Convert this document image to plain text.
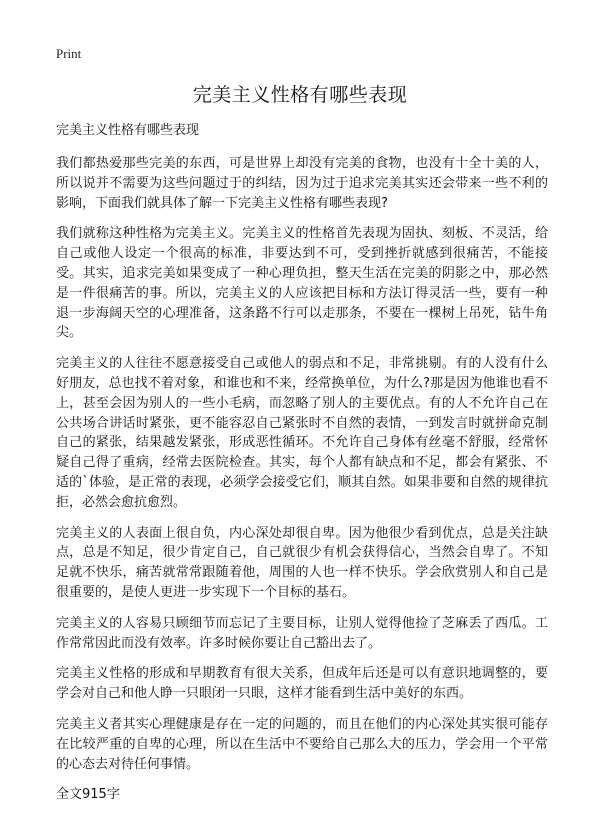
Print
完美主义性格有哪些表现

完美主义性格有哪些表现

我们都热爱那些完美的东西，可是世界上却没有完美的食物，也没有十全十美的人，所以说并不需要为这些问题过于的纠结，因为过于追求完美其实还会带来一些不利的影响，下面我们就具体了解一下完美主义性格有哪些表现?

我们就称这种性格为完美主义。完美主义的性格首先表现为固执、刻板、不灵活，给自己或他人设定一个很高的标准，非要达到不可，受到挫折就感到很痛苦，不能接受。其实，追求完美如果变成了一种心理负担，整天生活在完美的阴影之中，那必然是一件很痛苦的事。所以，完美主义的人应该把目标和方法订得灵活一些，要有一种退一步海阔天空的心理准备，这条路不行可以走那条，不要在一棵树上吊死，钻牛角尖。

完美主义的人往往不愿意接受自己或他人的弱点和不足，非常挑剔。有的人没有什么好朋友，总也找不着对象，和谁也和不来，经常换单位，为什么?那是因为他谁也看不上，甚至会因为别人的一些小毛病，而忽略了别人的主要优点。有的人不允许自己在公共场合讲话时紧张，更不能容忍自己紧张时不自然的表情，一到发言时就拼命克制自己的紧张，结果越发紧张，形成恶性循环。不允许自己身体有丝毫不舒服，经常怀疑自己得了重病，经常去医院检查。其实，每个人都有缺点和不足，都会有紧张、不适的`体验，是正常的表现，必须学会接受它们，顺其自然。如果非要和自然的规律抗拒，必然会愈抗愈烈。

完美主义的人表面上很自负，内心深处却很自卑。因为他很少看到优点，总是关注缺点，总是不知足，很少肯定自己，自己就很少有机会获得信心，当然会自卑了。不知足就不快乐，痛苦就常常跟随着他，周围的人也一样不快乐。学会欣赏别人和自己是很重要的，是使人更进一步实现下一个目标的基石。

完美主义的人容易只顾细节而忘记了主要目标，让别人觉得他捡了芝麻丢了西瓜。工作常常因此而没有效率。许多时候你要让自己豁出去了。

完美主义性格的形成和早期教育有很大关系，但成年后还是可以有意识地调整的，要学会对自己和他人睁一只眼闭一只眼，这样才能看到生活中美好的东西。

完美主义者其实心理健康是存在一定的问题的，而且在他们的内心深处其实很可能存在比较严重的自卑的心理，所以在生活中不要给自己那么大的压力，学会用一个平常的心态去对待任何事情。

全文915字
